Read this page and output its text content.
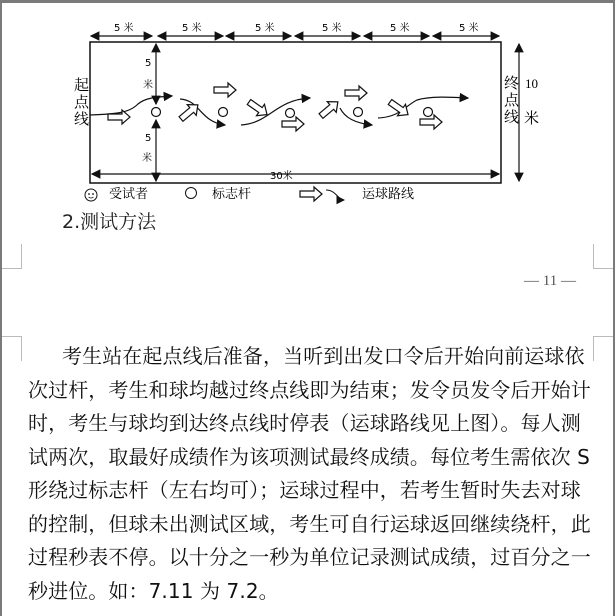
5 米	5 米	5 米	5 米	5 米	5 米
5
米
5
米
30米
起
点
线
终
点
线
10
米
受试者	标志杆	运球路线
2.测试方法
— 11 —
考生站在起点线后准备，当听到出发口令后开始向前运球依
次过杆，考生和球均越过终点线即为结束；发令员发令后开始计
时，考生与球均到达终点线时停表（运球路线见上图）。每人测
试两次，取最好成绩作为该项测试最终成绩。每位考生需依次 S
形绕过标志杆（左右均可）；运球过程中，若考生暂时失去对球
的控制，但球未出测试区域，考生可自行运球返回继续绕杆，此
过程秒表不停。以十分之一秒为单位记录测试成绩，过百分之一
秒进位。如：7.11 为 7.2。
